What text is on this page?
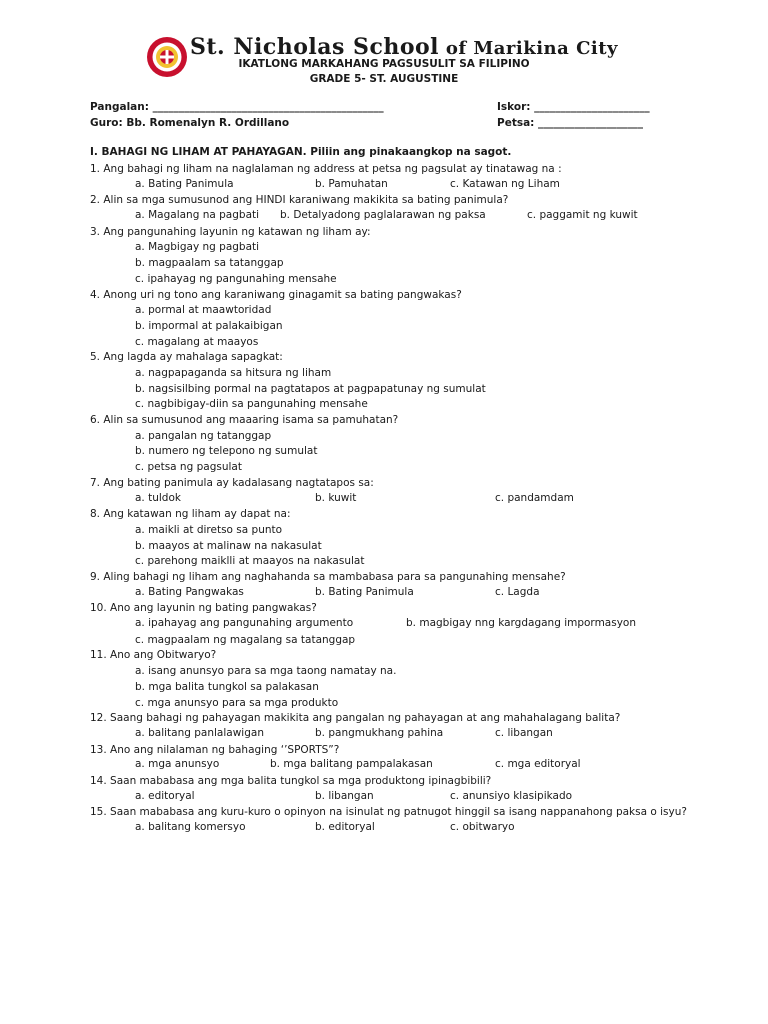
St. Nicholas School of Marikina City
IKATLONG MARKAHANG PAGSUSULIT SA FILIPINO
GRADE 5- ST. AUGUSTINE
Pangalan: ____________________________________________	Iskor: ______________________
Guro: Bb. Romenalyn R. Ordillano	Petsa: ____________________
I. BAHAGI NG LIHAM AT PAHAYAGAN. Piliin ang pinakaangkop na sagot.
1. Ang bahagi ng liham na naglalaman ng address at petsa ng pagsulat ay tinatawag na :
a. Bating Panimula	b. Pamuhatan	c. Katawan ng Liham
2. Alin sa mga sumusunod ang HINDI karaniwang makikita sa bating panimula?
a. Magalang na pagbati b. Detalyadong paglalarawan ng paksa	c. paggamit ng kuwit
3. Ang pangunahing layunin ng katawan ng liham ay:
a. Magbigay ng pagbati
b. magpaalam sa tatanggap
c. ipahayag ng pangunahing mensahe
4. Anong uri ng tono ang karaniwang ginagamit sa bating pangwakas?
a. pormal at maawtoridad
b. impormal at palakaibigan
c. magalang at maayos
5. Ang lagda ay mahalaga sapagkat:
a. nagpapaganda sa hitsura ng liham
b. nagsisilbing pormal na pagtatapos at pagpapatunay ng sumulat
c. nagbibigay-diin sa pangunahing mensahe
6. Alin sa sumusunod ang maaaring isama sa pamuhatan?
a. pangalan ng tatanggap
b. numero ng telepono ng sumulat
c. petsa ng pagsulat
7. Ang bating panimula ay kadalasang nagtatapos sa:
a. tuldok	b. kuwit	c. pandamdam
8. Ang katawan ng liham ay dapat na:
a. maikli at diretso sa punto
b. maayos at malinaw na nakasulat
c. parehong maiklli at maayos na nakasulat
9. Aling bahagi ng liham ang naghahanda sa mambabasa para sa pangunahing mensahe?
a. Bating Pangwakas	b. Bating Panimula	c. Lagda
10. Ano ang layunin ng bating pangwakas?
a. ipahayag ang pangunahing argumento	b. magbigay nng kargdagang impormasyon
c. magpaalam ng magalang sa tatanggap
11. Ano ang Obitwaryo?
a. isang anunsyo para sa mga taong namatay na.
b. mga balita tungkol sa palakasan
c. mga anunsyo para sa mga produkto
12. Saang bahagi ng pahayagan makikita ang pangalan ng pahayagan at ang mahahalagang balita?
a. balitang panlalawigan	b. pangmukhang pahina	c. libangan
13. Ano ang nilalaman ng bahaging ‘’SPORTS”?
a. mga anunsyo	b. mga balitang pampalakasan	c. mga editoryal
14. Saan mababasa ang mga balita tungkol sa mga produktong ipinagbibili?
a. editoryal	b. libangan	c. anunsiyo klasipikado
15. Saan mababasa ang kuru-kuro o opinyon na isinulat ng patnugot hinggil sa isang nappanahong paksa o isyu?
a. balitang komersyo	b. editoryal	c. obitwaryo
